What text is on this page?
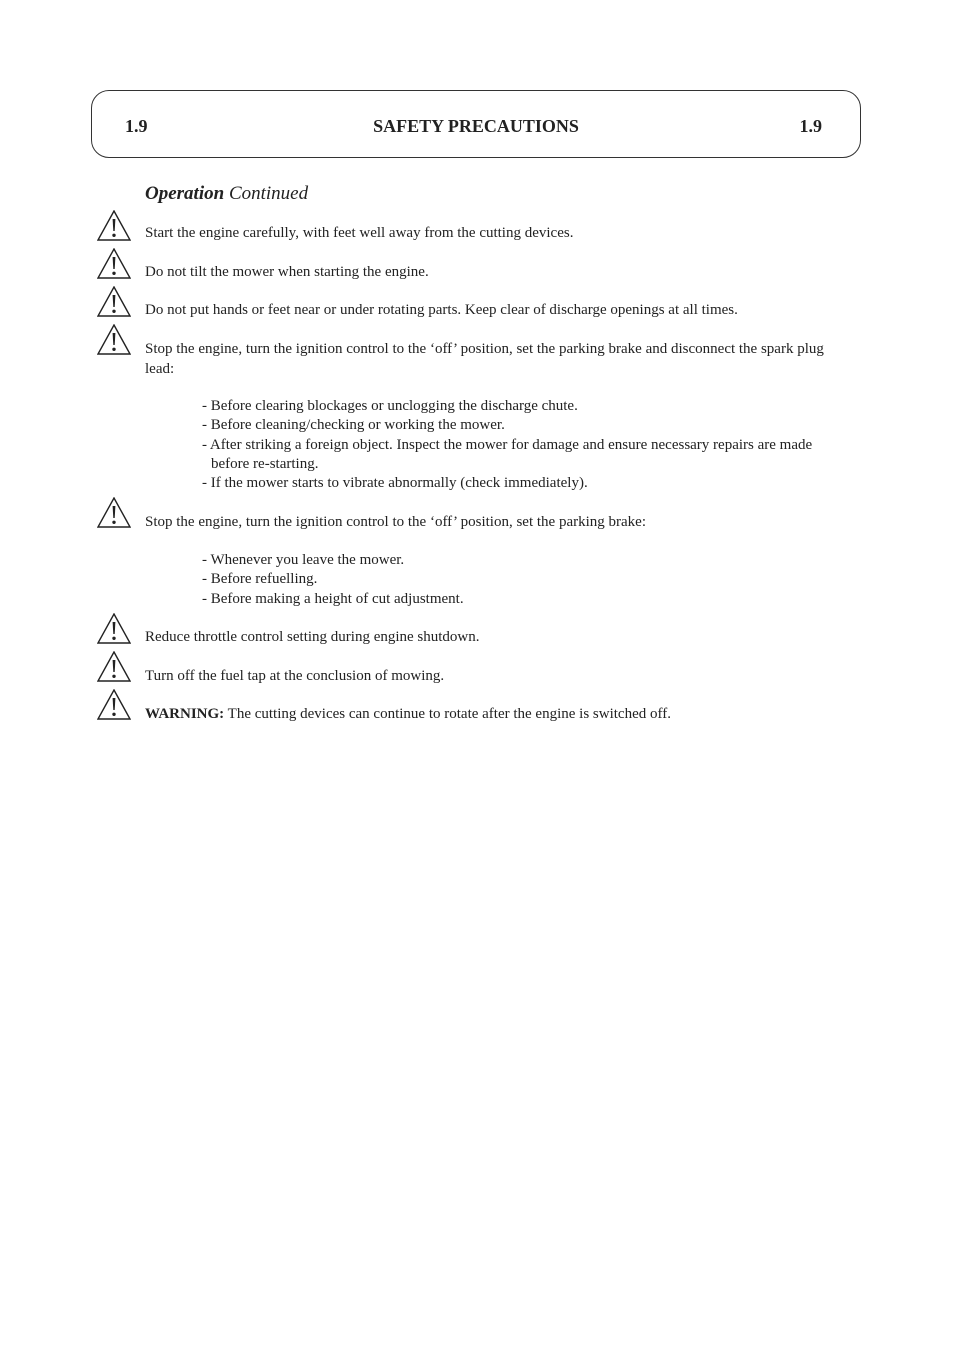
1.9	SAFETY PRECAUTIONS	1.9

Operation Continued

Start the engine carefully, with feet well away from the cutting devices.

Do not tilt the mower when starting the engine.

Do not put hands or feet near or under rotating parts. Keep clear of discharge openings at all times.

Stop the engine, turn the ignition control to the ‘off’ position, set the parking brake and disconnect the spark plug lead:

- Before clearing blockages or unclogging the discharge chute.
- Before cleaning/checking or working the mower.
- After striking a foreign object. Inspect the mower for damage and ensure necessary repairs are made before re-starting.
- If the mower starts to vibrate abnormally (check immediately).

Stop the engine, turn the ignition control to the ‘off’ position, set the parking brake:

- Whenever you leave the mower.
- Before refuelling.
- Before making a height of cut adjustment.

Reduce throttle control setting during engine shutdown.

Turn off the fuel tap at the conclusion of mowing.

WARNING: The cutting devices can continue to rotate after the engine is switched off.
